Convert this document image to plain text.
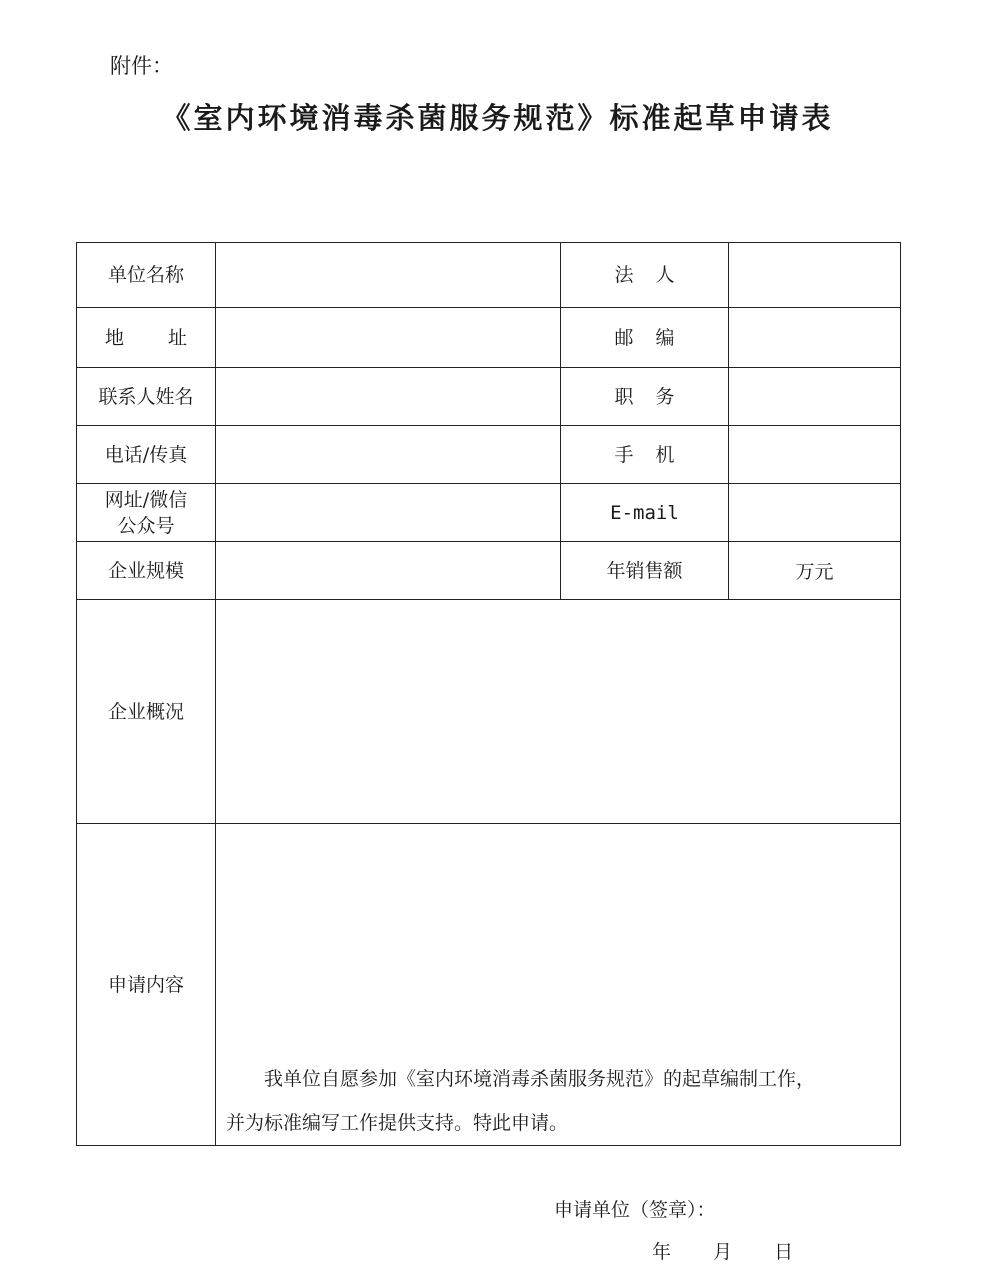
附件：
《室内环境消毒杀菌服务规范》标准起草申请表
单位名称		法人	
地址		邮编	
联系人姓名		职务	
电话/传真		手机	

网址/微信
公众号		E-mail	
企业规模		年销售额	万元
企业概况			
申请内容	我单位自愿参加《室内环境消毒杀菌服务规范》的起草编制工作，
并为标准编写工作提供支持。特此申请。
申请单位（签章）：
年 月 日		
